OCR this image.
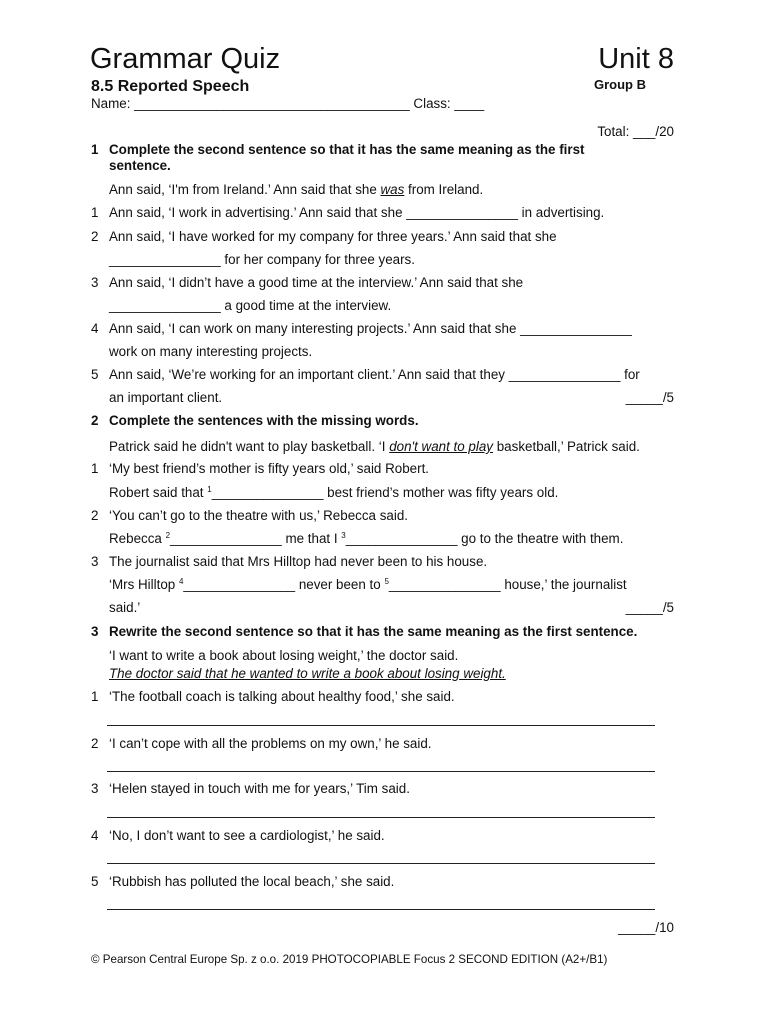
Grammar Quiz	Unit 8
8.5 Reported Speech	Group B
Name: _____________________________________ Class: ____
Total: ___/20
1 Complete the second sentence so that it has the same meaning as the first
sentence.
Ann said, ‘I'm from Ireland.’ Ann said that she was from Ireland.
1 Ann said, ‘I work in advertising.’ Ann said that she _______________ in advertising.
2 Ann said, ‘I have worked for my company for three years.’ Ann said that she
_______________ for her company for three years.
3 Ann said, ‘I didn’t have a good time at the interview.’ Ann said that she
_______________ a good time at the interview.
4 Ann said, ‘I can work on many interesting projects.’ Ann said that she _______________
work on many interesting projects.
5 Ann said, ‘We’re working for an important client.’ Ann said that they _______________ for
an important client.	_____/5
2 Complete the sentences with the missing words.
Patrick said he didn't want to play basketball. ‘I don't want to play basketball,’ Patrick said.
1 ‘My best friend’s mother is fifty years old,’ said Robert.
Robert said that $^1$_______________ best friend’s mother was fifty years old.
2 ‘You can’t go to the theatre with us,’ Rebecca said.
Rebecca $^2$_______________ me that I $^3$_______________ go to the theatre with them.
3 The journalist said that Mrs Hilltop had never been to his house.
‘Mrs Hilltop $^4$_______________ never been to $^5$_______________ house,’ the journalist
said.’	_____/5
3 Rewrite the second sentence so that it has the same meaning as the first sentence.
‘I want to write a book about losing weight,’ the doctor said.
The doctor said that he wanted to write a book about losing weight.
1 ‘The football coach is talking about healthy food,’ she said.
2 ‘I can’t cope with all the problems on my own,’ he said.
3 ‘Helen stayed in touch with me for years,’ Tim said.
4 ‘No, I don’t want to see a cardiologist,’ he said.
5 ‘Rubbish has polluted the local beach,’ she said.
_____/10
© Pearson Central Europe Sp. z o.o. 2019 PHOTOCOPIABLE Focus 2 SECOND EDITION (A2+/B1)
